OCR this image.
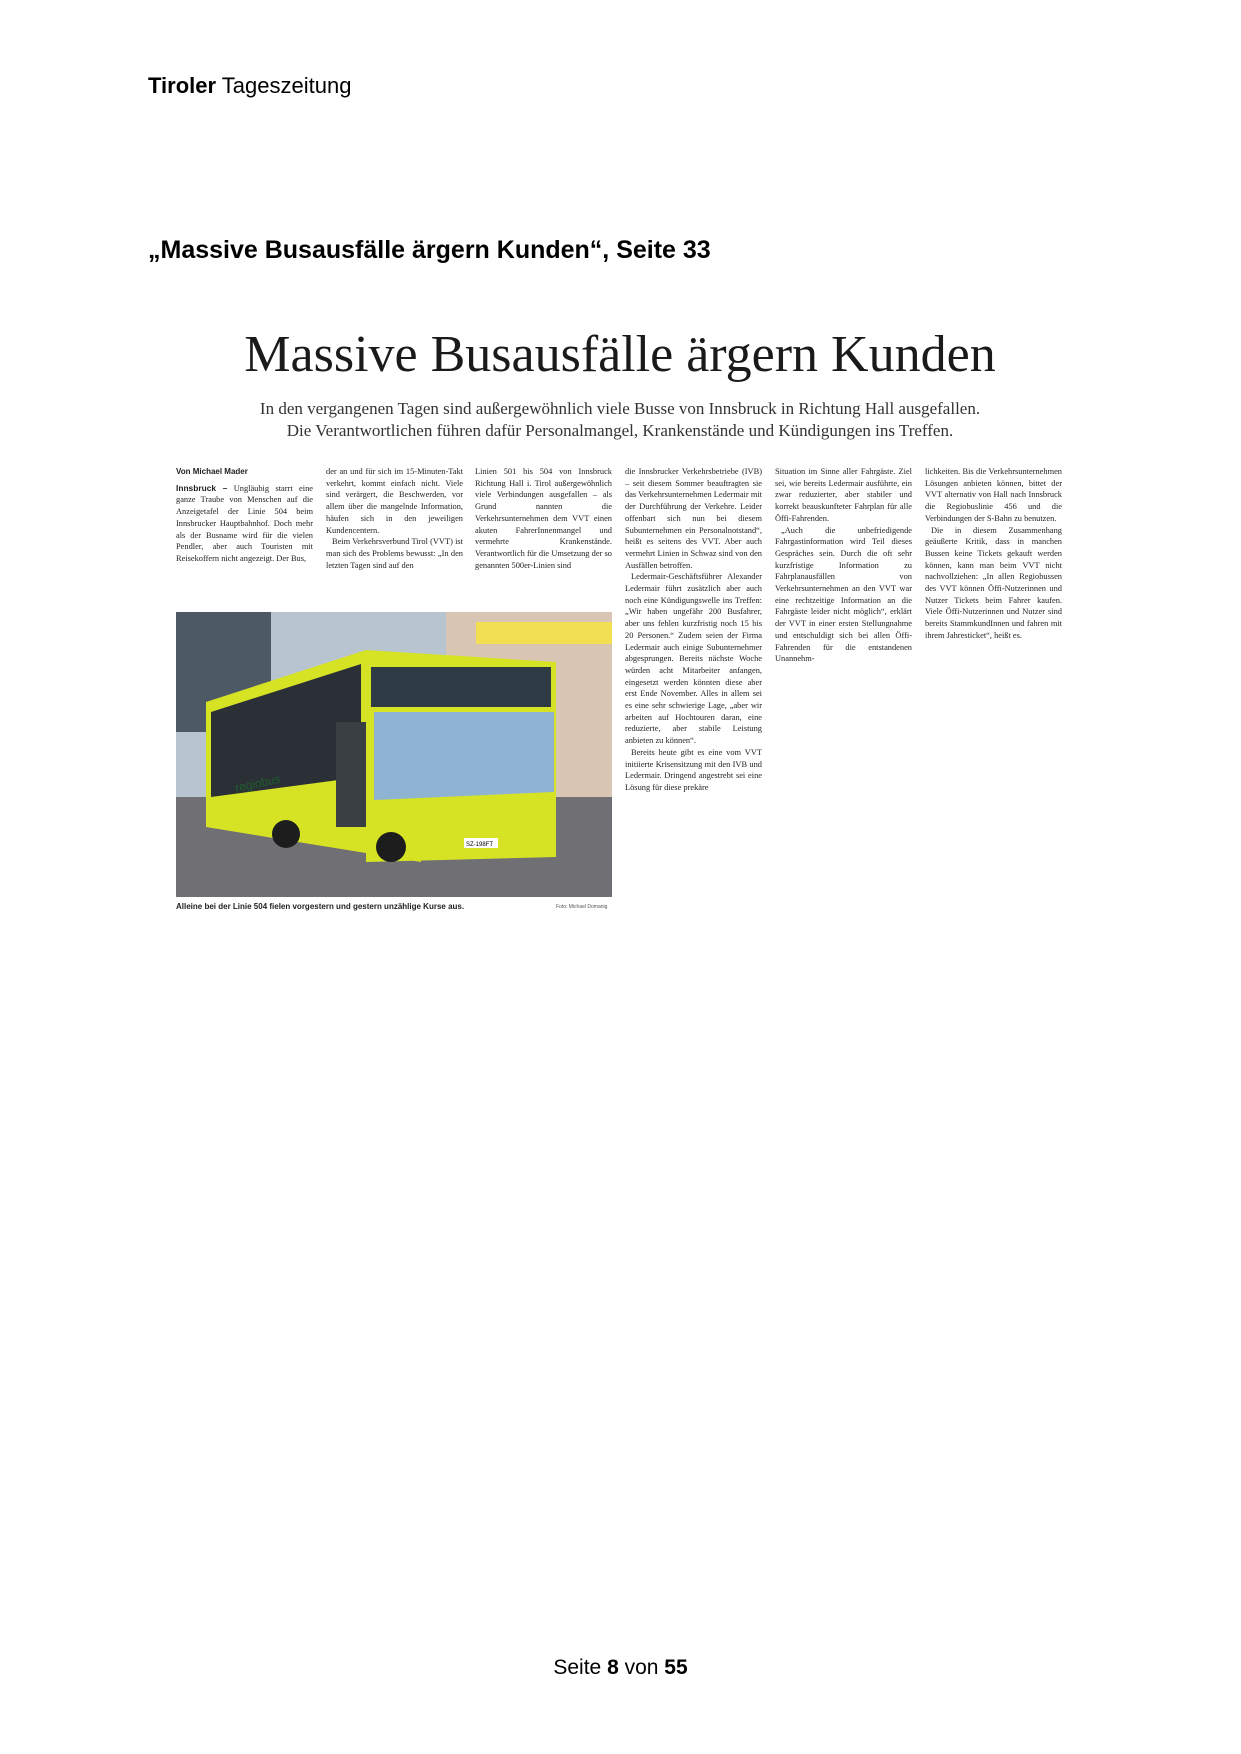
Tiroler Tageszeitung
„Massive Busausfälle ärgern Kunden“, Seite 33
Massive Busausfälle ärgern Kunden
In den vergangenen Tagen sind außergewöhnlich viele Busse von Innsbruck in Richtung Hall ausgefallen.
Die Verantwortlichen führen dafür Personalmangel, Krankenstände und Kündigungen ins Treffen.
Von Michael Mader

Innsbruck – Ungläubig starrt eine ganze Traube von Menschen auf die Anzeigetafel der Linie 504 beim Innsbrucker Hauptbahnhof. Doch mehr als der Busname wird für die vielen Pendler, aber auch Touristen mit Reisekoffern nicht angezeigt. Der Bus,

der an und für sich im 15-Minuten-Takt verkehrt, kommt einfach nicht. Viele sind verärgert, die Beschwerden, vor allem über die mangelnde Information, häufen sich in den jeweiligen Kundencentern.

Beim Verkehrsverbund Tirol (VVT) ist man sich des Problems bewusst: „In den letzten Tagen sind auf den

Linien 501 bis 504 von Innsbruck Richtung Hall i. Tirol außergewöhnlich viele Verbindungen ausgefallen – als Grund nannten die Verkehrsunternehmen dem VVT einen akuten FahrerInnenmangel und vermehrte Krankenstände. Verantwortlich für die Umsetzung der so genannten 500er-Linien sind

regiobus
SZ-198FT
Alleine bei der Linie 504 fielen vorgestern und gestern unzählige Kurse aus.	Foto: Michael Domanig

die Innsbrucker Verkehrsbetriebe (IVB) – seit diesem Sommer beauftragten sie das Verkehrsunternehmen Ledermair mit der Durchführung der Verkehre. Leider offenbart sich nun bei diesem Subunternehmen ein Personalnotstand“, heißt es seitens des VVT. Aber auch vermehrt Linien in Schwaz sind von den Ausfällen betroffen.

Ledermair-Geschäftsführer Alexander Ledermair führt zusätzlich aber auch noch eine Kündigungswelle ins Treffen: „Wir haben ungefähr 200 Busfahrer, aber uns fehlen kurzfristig noch 15 bis 20 Personen.“ Zudem seien der Firma Ledermair auch einige Subunternehmer abgesprungen. Bereits nächste Woche würden acht Mitarbeiter anfangen, eingesetzt werden könnten diese aber erst Ende November. Alles in allem sei es eine sehr schwierige Lage, „aber wir arbeiten auf Hochtouren daran, eine reduzierte, aber stabile Leistung anbieten zu können“.

Bereits heute gibt es eine vom VVT initiierte Krisensitzung mit den IVB und Ledermair. Dringend angestrebt sei eine Lösung für diese prekäre

Situation im Sinne aller Fahrgäste. Ziel sei, wie bereits Ledermair ausführte, ein zwar reduzierter, aber stabiler und korrekt beauskunfteter Fahrplan für alle Öffi-Fahrenden.

„Auch die unbefriedigende Fahrgastinformation wird Teil dieses Gespräches sein. Durch die oft sehr kurzfristige Information zu Fahrplanausfällen von Verkehrsunternehmen an den VVT war eine rechtzeitige Information an die Fahrgäste leider nicht möglich“, erklärt der VVT in einer ersten Stellungnahme und entschuldigt sich bei allen Öffi-Fahrenden für die entstandenen Unannehm-

lichkeiten. Bis die Verkehrsunternehmen Lösungen anbieten können, bittet der VVT alternativ von Hall nach Innsbruck die Regiobuslinie 456 und die Verbindungen der S-Bahn zu benutzen.

Die in diesem Zusammenhang geäußerte Kritik, dass in manchen Bussen keine Tickets gekauft werden können, kann man beim VVT nicht nachvollziehen: „In allen Regiobussen des VVT können Öffi-Nutzerinnen und Nutzer Tickets beim Fahrer kaufen. Viele Öffi-Nutzerinnen und Nutzer sind bereits StammkundInnen und fahren mit ihrem Jahresticket“, heißt es.

Seite 8 von 55
